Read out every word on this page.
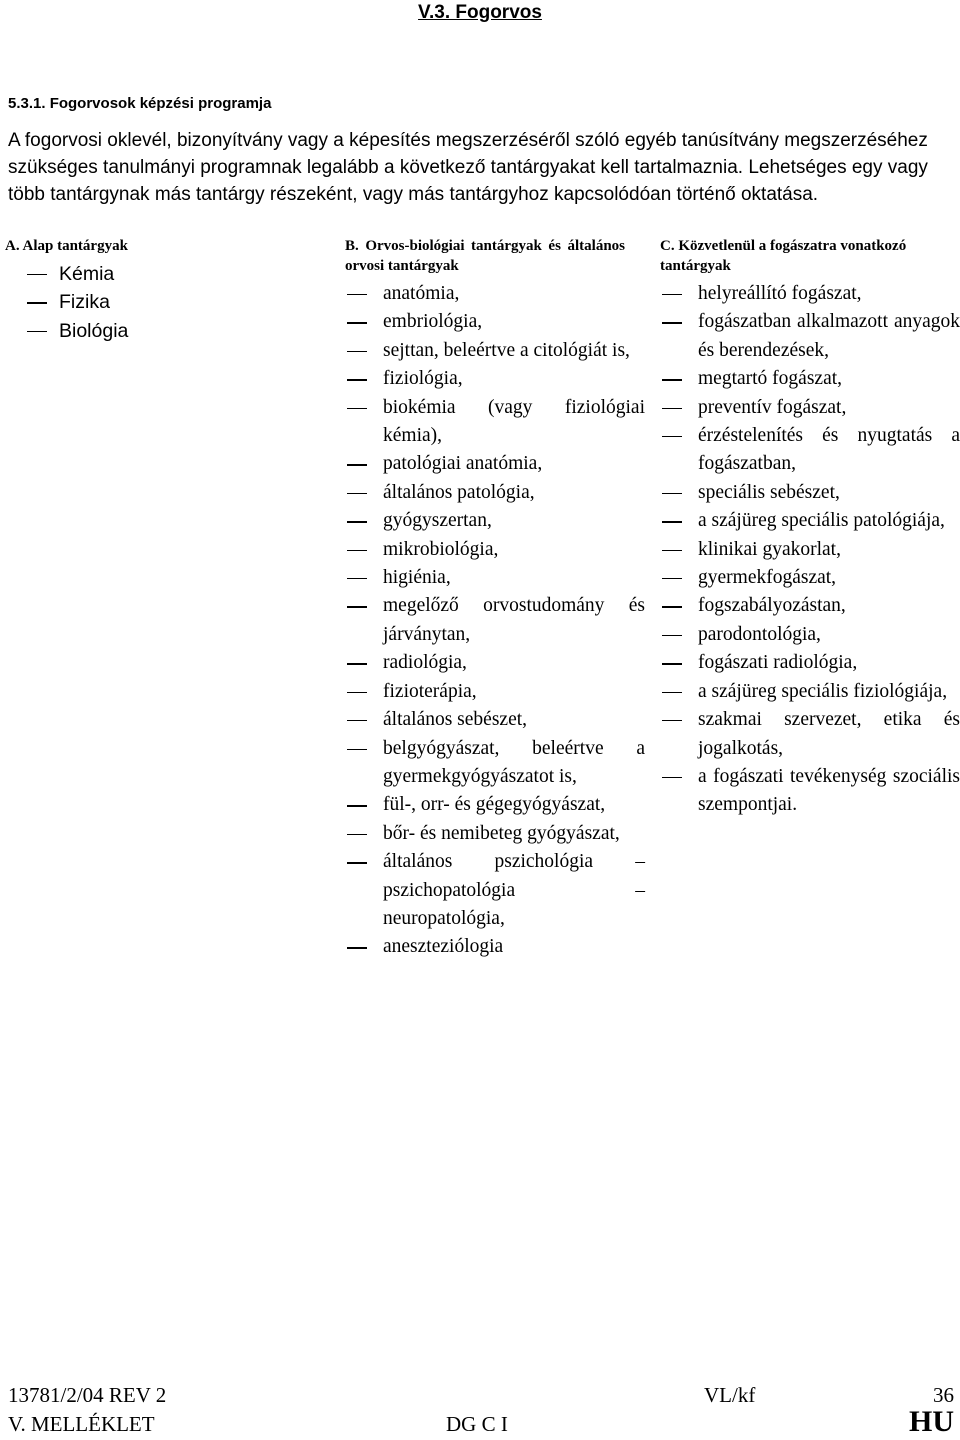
V.3. Fogorvos
5.3.1. Fogorvosok képzési programja

A fogorvosi oklevél, bizonyítvány vagy a képesítés megszerzéséről szóló egyéb tanúsítvány megszerzéséhez szükséges tanulmányi programnak legalább a következő tantárgyakat kell tartalmaznia. Lehetséges egy vagy több tantárgynak más tantárgy részeként, vagy más tantárgyhoz kapcsolódóan történő oktatása.

A. Alap tantárgyak
Kémia
Fizika
Biológia
B. Orvos-biológiai tantárgyak és általános orvosi tantárgyak
anatómia,
embriológia,
sejttan, beleértve a citológiát is,
fiziológia,
biokémia (vagy fiziológiai kémia),
patológiai anatómia,
általános patológia,
gyógyszertan,
mikrobiológia,
higiénia,
megelőző orvostudomány és járványtan,
radiológia,
fizioterápia,
általános sebészet,
belgyógyászat, beleértve a gyermekgyógyászatot is,
fül-, orr- és gégegyógyászat,
bőr- és nemibeteg gyógyászat,
általános pszichológia – pszichopatológia – neuropatológia,
aneszteziólogia
C. Közvetlenül a fogászatra vonatkozó tantárgyak
helyreállító fogászat,
fogászatban alkalmazott anyagok és berendezések,
megtartó fogászat,
preventív fogászat,
érzéstelenítés és nyugtatás a fogászatban,
speciális sebészet,
a szájüreg speciális patológiája,
klinikai gyakorlat,
gyermekfogászat,
fogszabályozástan,
parodontológia,
fogászati radiológia,
a szájüreg speciális fiziológiája,
szakmai szervezet, etika és jogalkotás,
a fogászati tevékenység szociális szempontjai.
13781/2/04 REV 2	VL/kf	36
V. MELLÉKLET	DG C I	HU
